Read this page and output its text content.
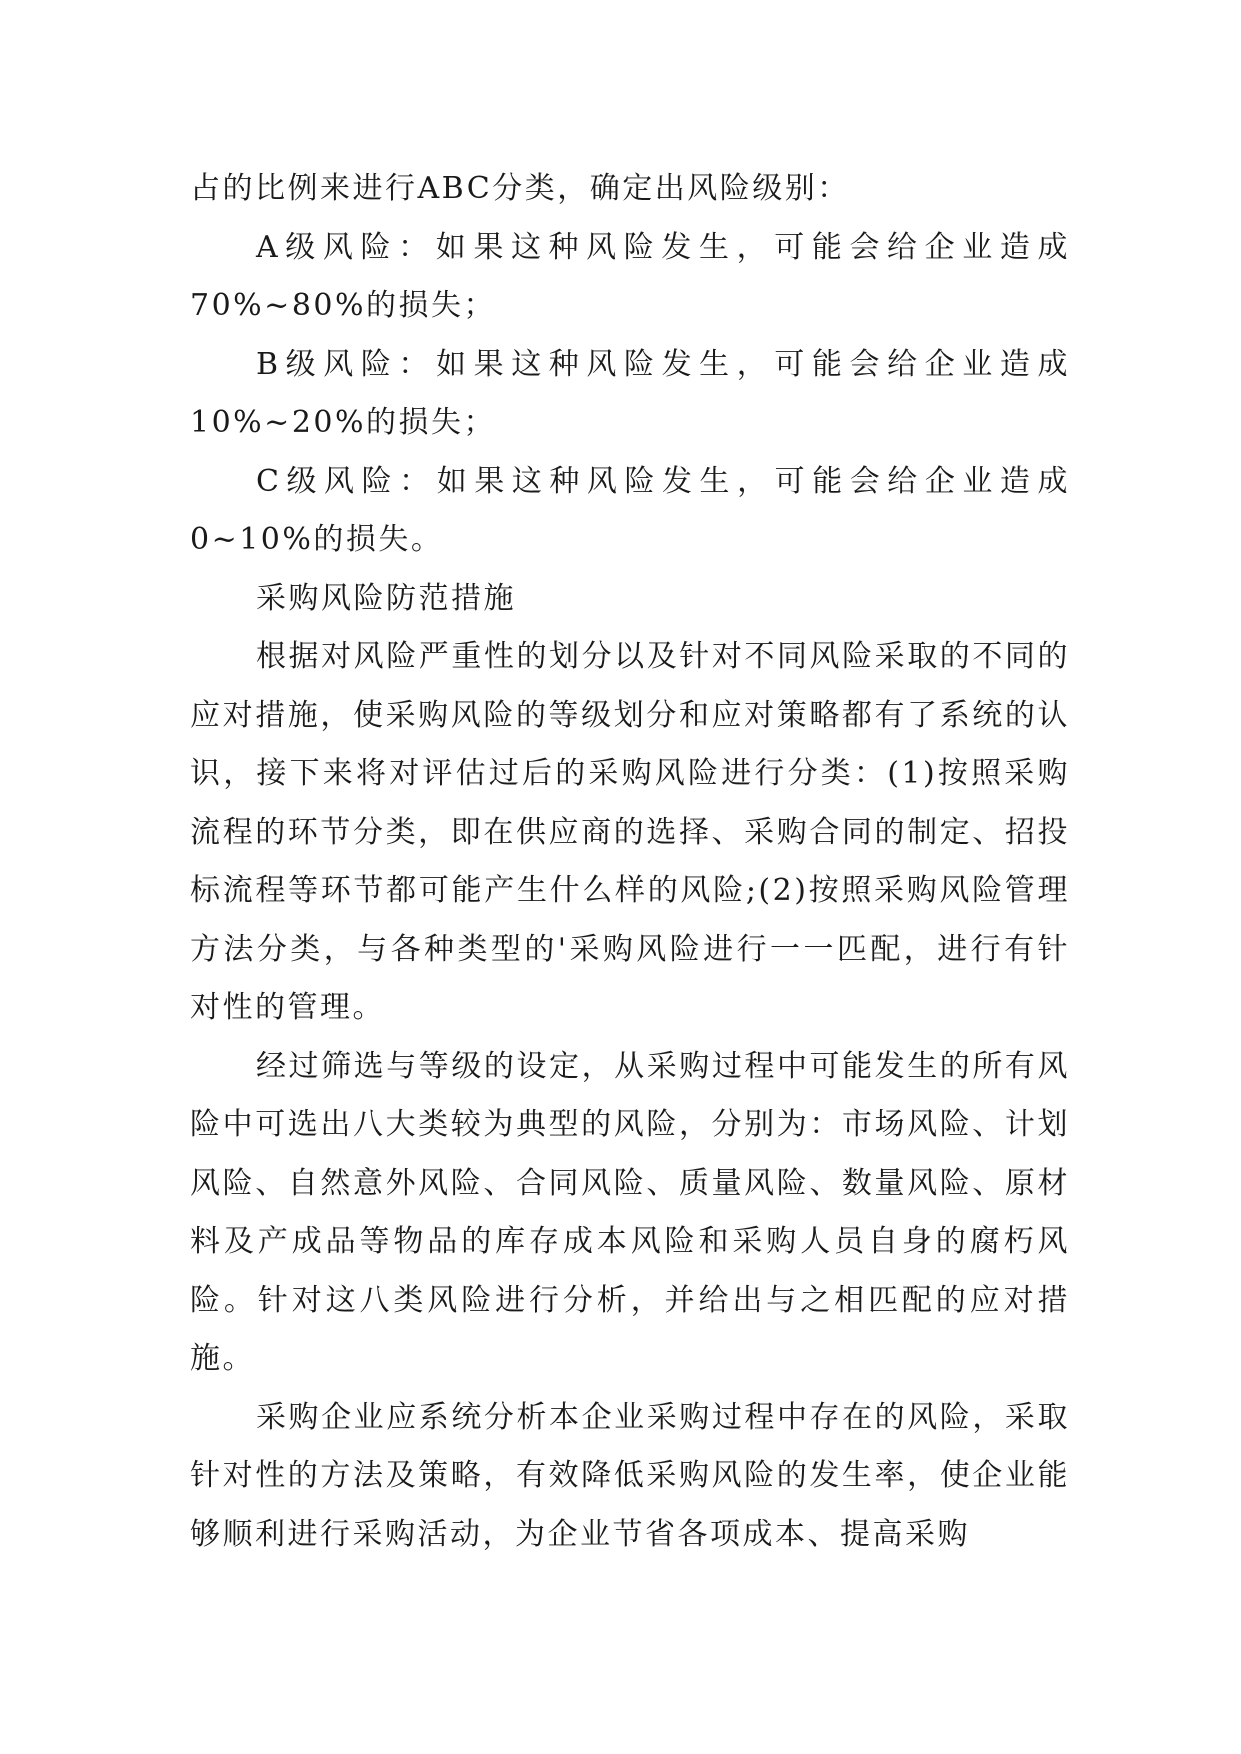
占的比例来进行ABC分类，确定出风险级别：

A级风险：如果这种风险发生，可能会给企业造成70%~80%的损失；

B级风险：如果这种风险发生，可能会给企业造成10%~20%的损失；

C级风险：如果这种风险发生，可能会给企业造成0~10%的损失。

采购风险防范措施

根据对风险严重性的划分以及针对不同风险采取的不同的应对措施，使采购风险的等级划分和应对策略都有了系统的认识，接下来将对评估过后的采购风险进行分类：(1)按照采购流程的环节分类，即在供应商的选择、采购合同的制定、招投标流程等环节都可能产生什么样的风险;(2)按照采购风险管理方法分类，与各种类型的'采购风险进行一一匹配，进行有针对性的管理。

经过筛选与等级的设定，从采购过程中可能发生的所有风险中可选出八大类较为典型的风险，分别为：市场风险、计划风险、自然意外风险、合同风险、质量风险、数量风险、原材料及产成品等物品的库存成本风险和采购人员自身的腐朽风险。针对这八类风险进行分析，并给出与之相匹配的应对措施。

采购企业应系统分析本企业采购过程中存在的风险，采取针对性的方法及策略，有效降低采购风险的发生率，使企业能够顺利进行采购活动，为企业节省各项成本、提高采购
